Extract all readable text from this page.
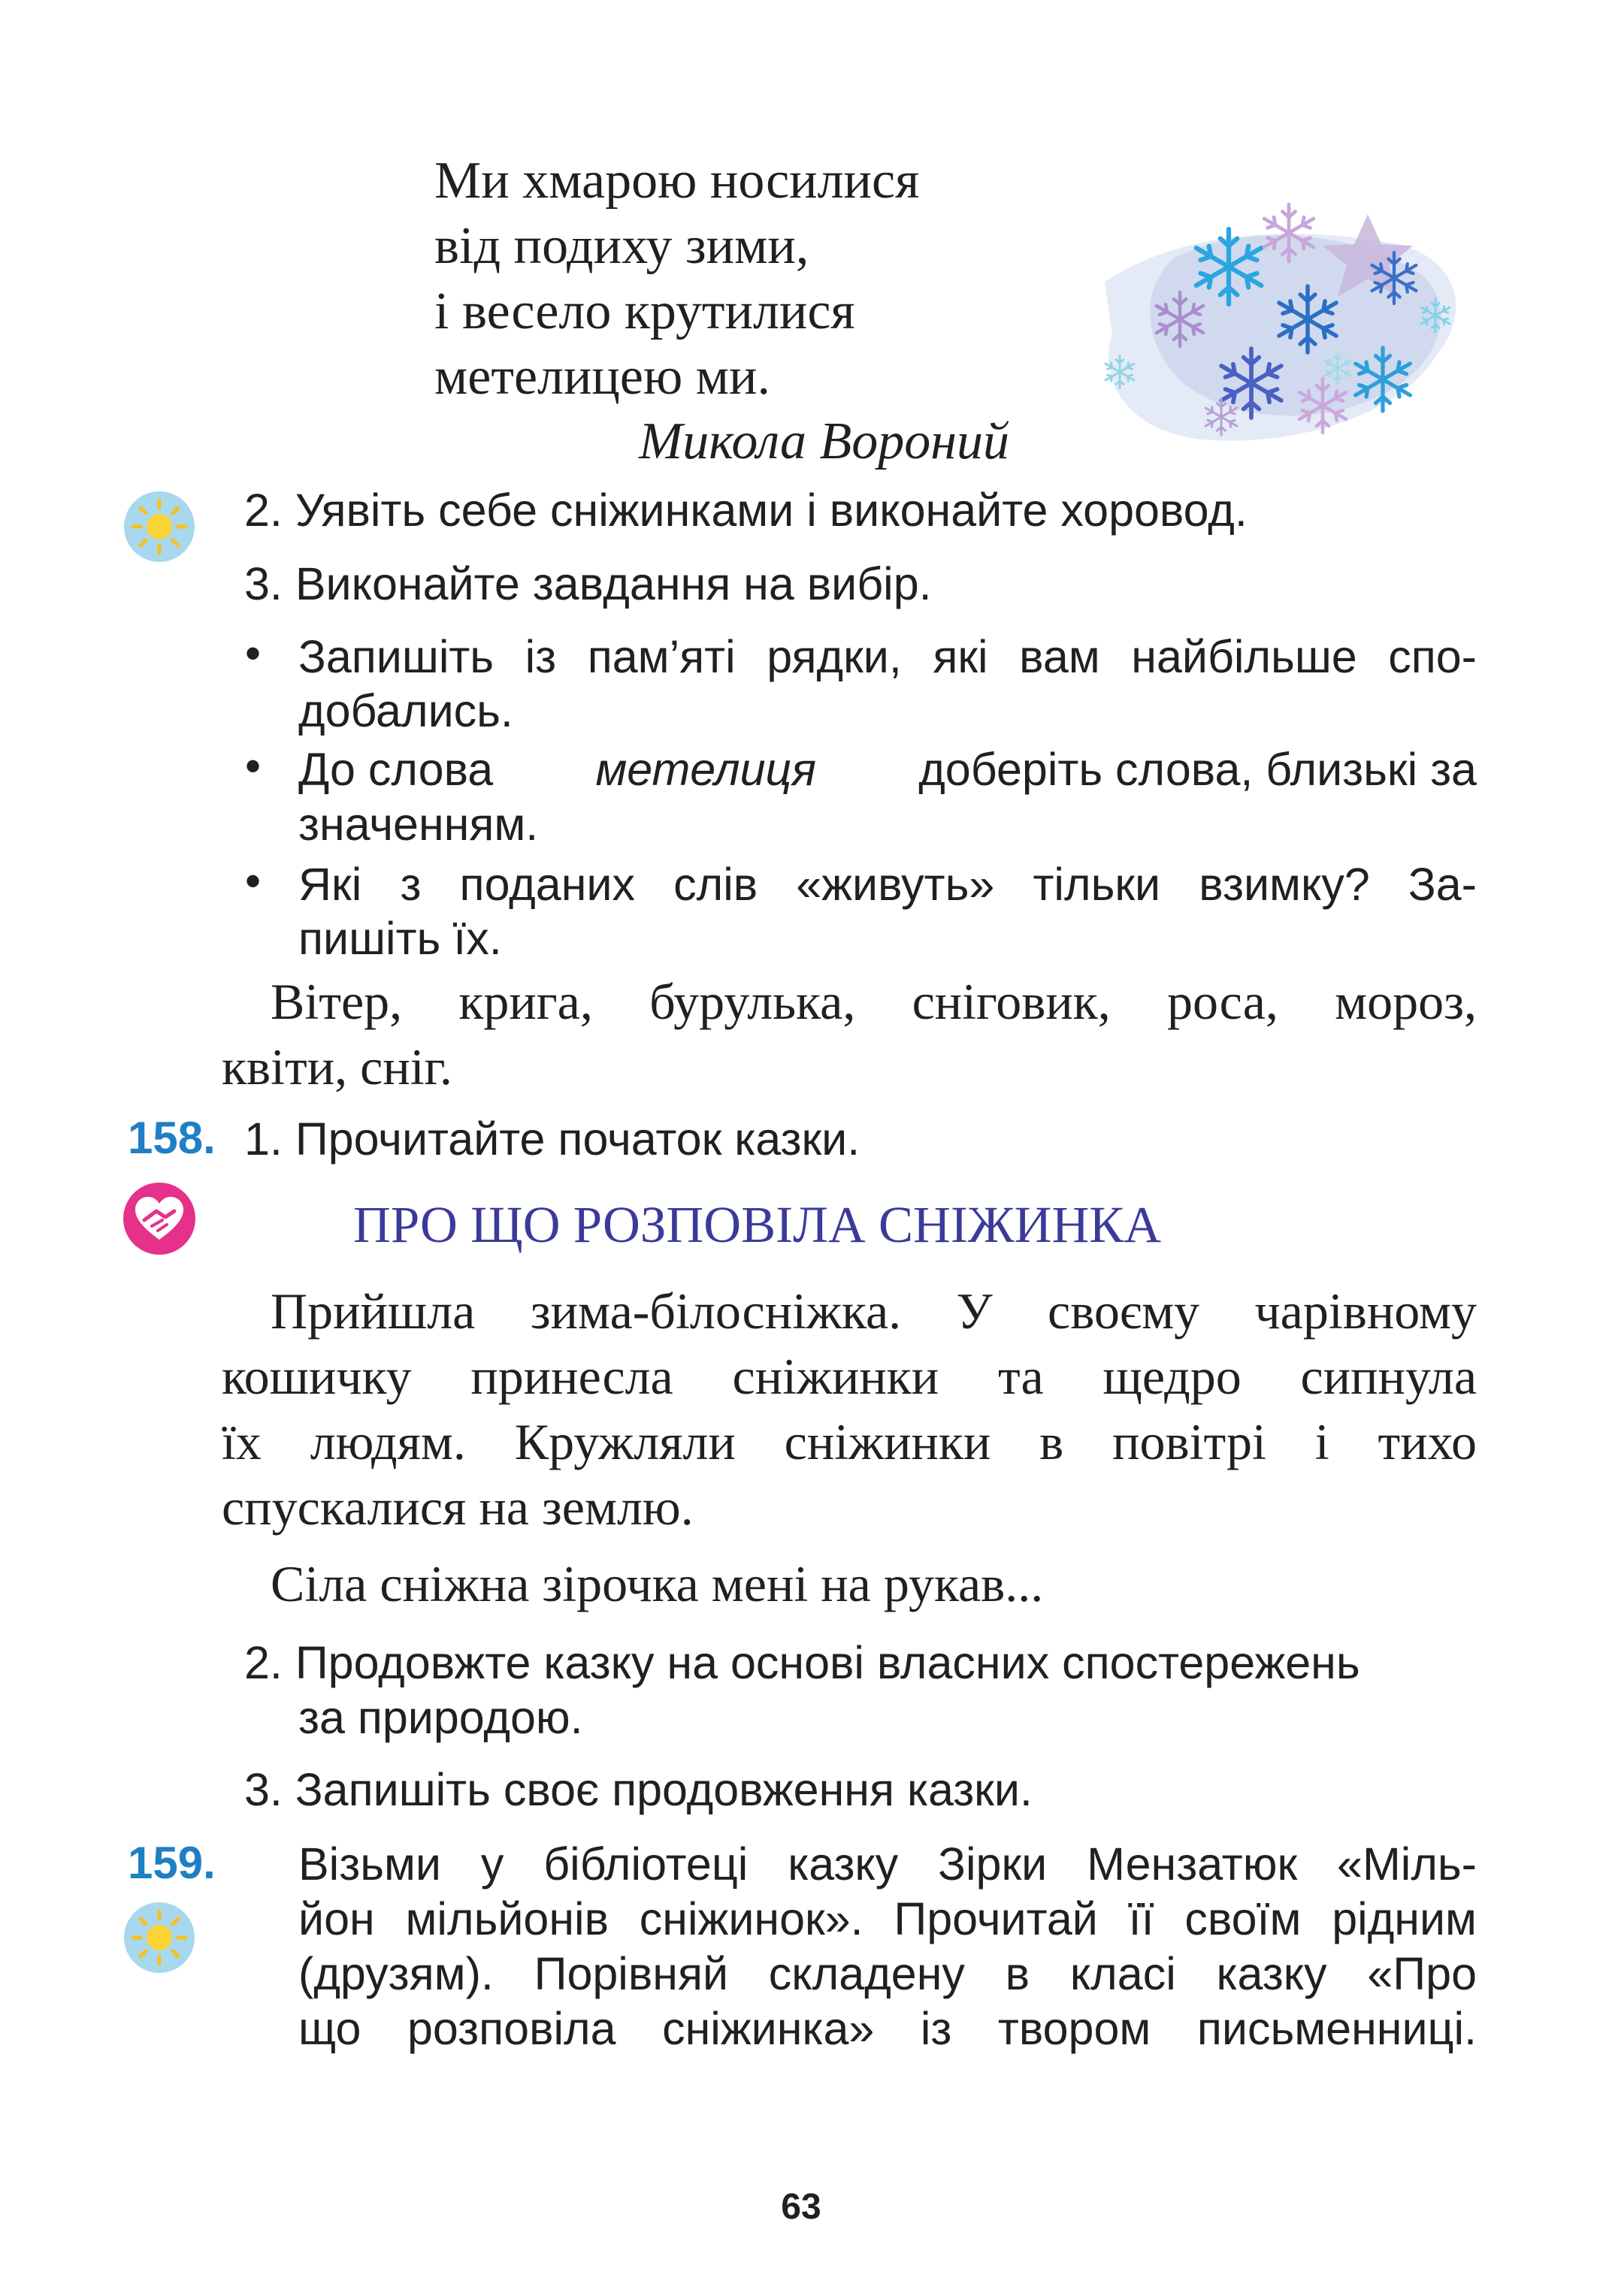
Ми хмарою носилися
від подиху зими,
і весело крутилися
метелицею ми.
Микола Вороний
2. Уявіть себе сніжинками і виконайте хоровод.
3. Виконайте завдання на вибір.
• Запишіть із пам’яті рядки, які вам найбільше спо-
добались.
• До слова метелиця доберіть слова, близькі за
значенням.
• Які з поданих слів «живуть» тільки взимку? За-
пишіть їх.
Вітер, крига, бурулька, сніговик, роса, мороз,
квіти, сніг.
158. 1. Прочитайте початок казки.
ПРО ЩО РОЗПОВІЛА СНІЖИНКА
Прийшла зима-білосніжка. У своєму чарівному
кошичку принесла сніжинки та щедро сипнула
їх людям. Кружляли сніжинки в повітрі і тихо
спускалися на землю.
Сіла сніжна зірочка мені на рукав...
2. Продовжте казку на основі власних спостережень
за природою.
3. Запишіть своє продовження казки.
159. Візьми у бібліотеці казку Зірки Мензатюк «Міль-
йон мільйонів сніжинок». Прочитай її своїм рідним
(друзям). Порівняй складену в класі казку «Про
що розповіла сніжинка» із твором письменниці.
63
